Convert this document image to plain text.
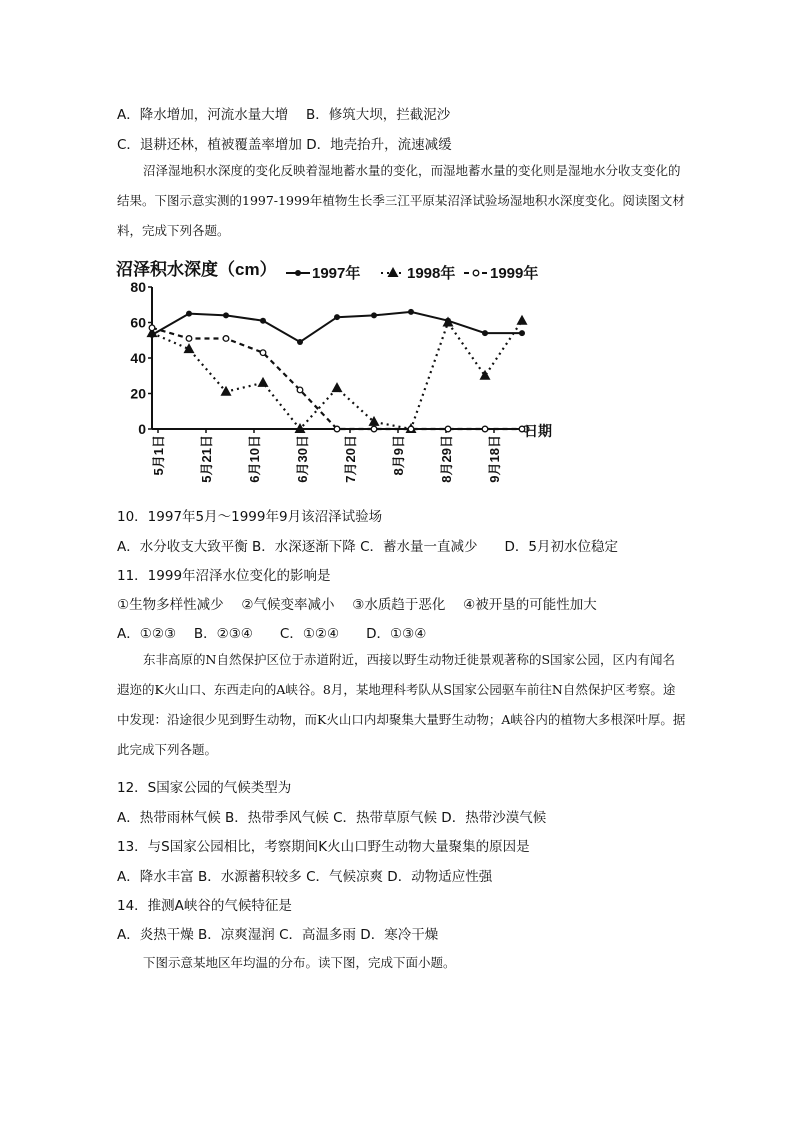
A．降水增加，河流水量大增　 B．修筑大坝，拦截泥沙
C．退耕还林，植被覆盖率增加 D．地壳抬升，流速减缓
沼泽湿地积水深度的变化反映着湿地蓄水量的变化，而湿地蓄水量的变化则是湿地水分收支变化的结果。下图示意实测的1997-1999年植物生长季三江平原某沼泽试验场湿地积水深度变化。阅读图文材料，完成下列各题。
0
20
40
60
80
5月1日	5月21日	6月10日	6月30日	7月20日	8月9日	8月29日	9月18日
沼泽积水深度（cm） 1997年	1998年 1999年
日期
10．1997年5月～1999年9月该沼泽试验场
A．水分收支大致平衡 B．水深逐渐下降 C．蓄水量一直减少　　D．5月初水位稳定
11．1999年沼泽水位变化的影响是
①生物多样性减少　 ②气候变率减小　 ③水质趋于恶化　 ④被开垦的可能性加大
A．①②③　 B．②③④　　C．①②④　　D．①③④
东非高原的N自然保护区位于赤道附近，西接以野生动物迁徙景观著称的S国家公园，区内有闻名遐迩的K火山口、东西走向的A峡谷。8月，某地理科考队从S国家公园驱车前往N自然保护区考察。途中发现：沿途很少见到野生动物，而K火山口内却聚集大量野生动物；A峡谷内的植物大多根深叶厚。据此完成下列各题。
12．S国家公园的气候类型为
A．热带雨林气候 B．热带季风气候 C．热带草原气候 D．热带沙漠气候
13．与S国家公园相比，考察期间K火山口野生动物大量聚集的原因是
A．降水丰富 B．水源蓄积较多 C．气候凉爽 D．动物适应性强
14．推测A峡谷的气候特征是
A．炎热干燥 B．凉爽湿润 C．高温多雨 D．寒冷干燥
下图示意某地区年均温的分布。读下图，完成下面小题。
